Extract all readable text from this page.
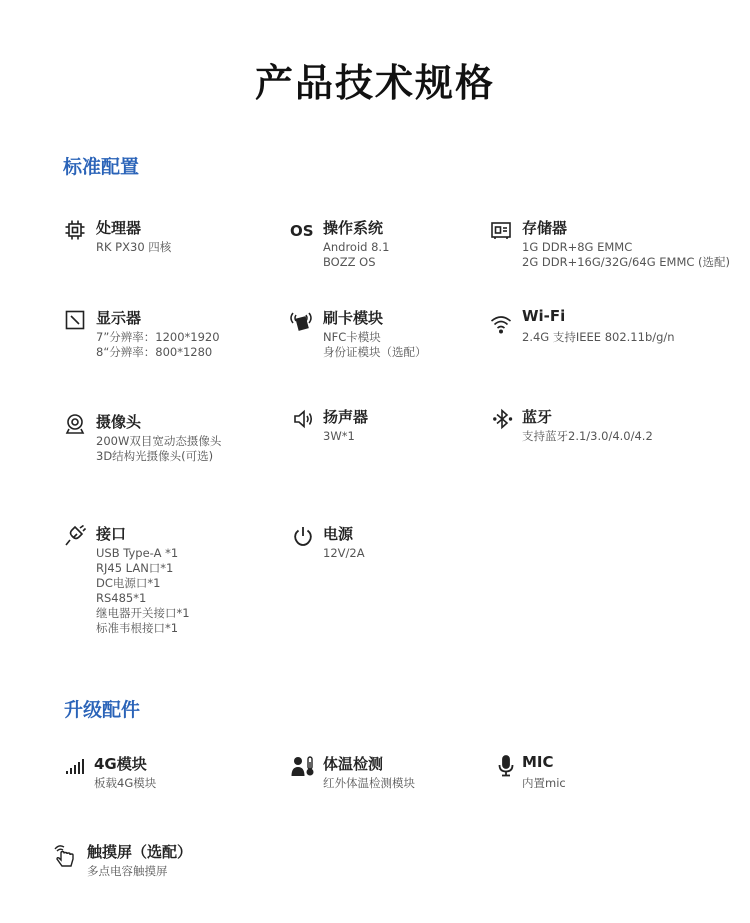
产品技术规格
标准配置
处理器
RK PX30 四核
OS 操作系统
Android 8.1
BOZZ OS
存储器
1G DDR+8G EMMC
2G DDR+16G/32G/64G EMMC (选配)
显示器
7”分辨率：1200*1920
8“分辨率：800*1280
刷卡模块
NFC卡模块
身份证模块（选配）
Wi-Fi
2.4G 支持IEEE 802.11b/g/n
摄像头
200W双目宽动态摄像头
3D结构光摄像头(可选)
扬声器
3W*1
蓝牙
支持蓝牙2.1/3.0/4.0/4.2
接口
USB Type-A *1
RJ45 LAN口*1
DC电源口*1
RS485*1
继电器开关接口*1
标准韦根接口*1
电源
12V/2A
升级配件
4G模块
板载4G模块
体温检测
红外体温检测模块
MIC
内置mic
触摸屏（选配）
多点电容触摸屏
